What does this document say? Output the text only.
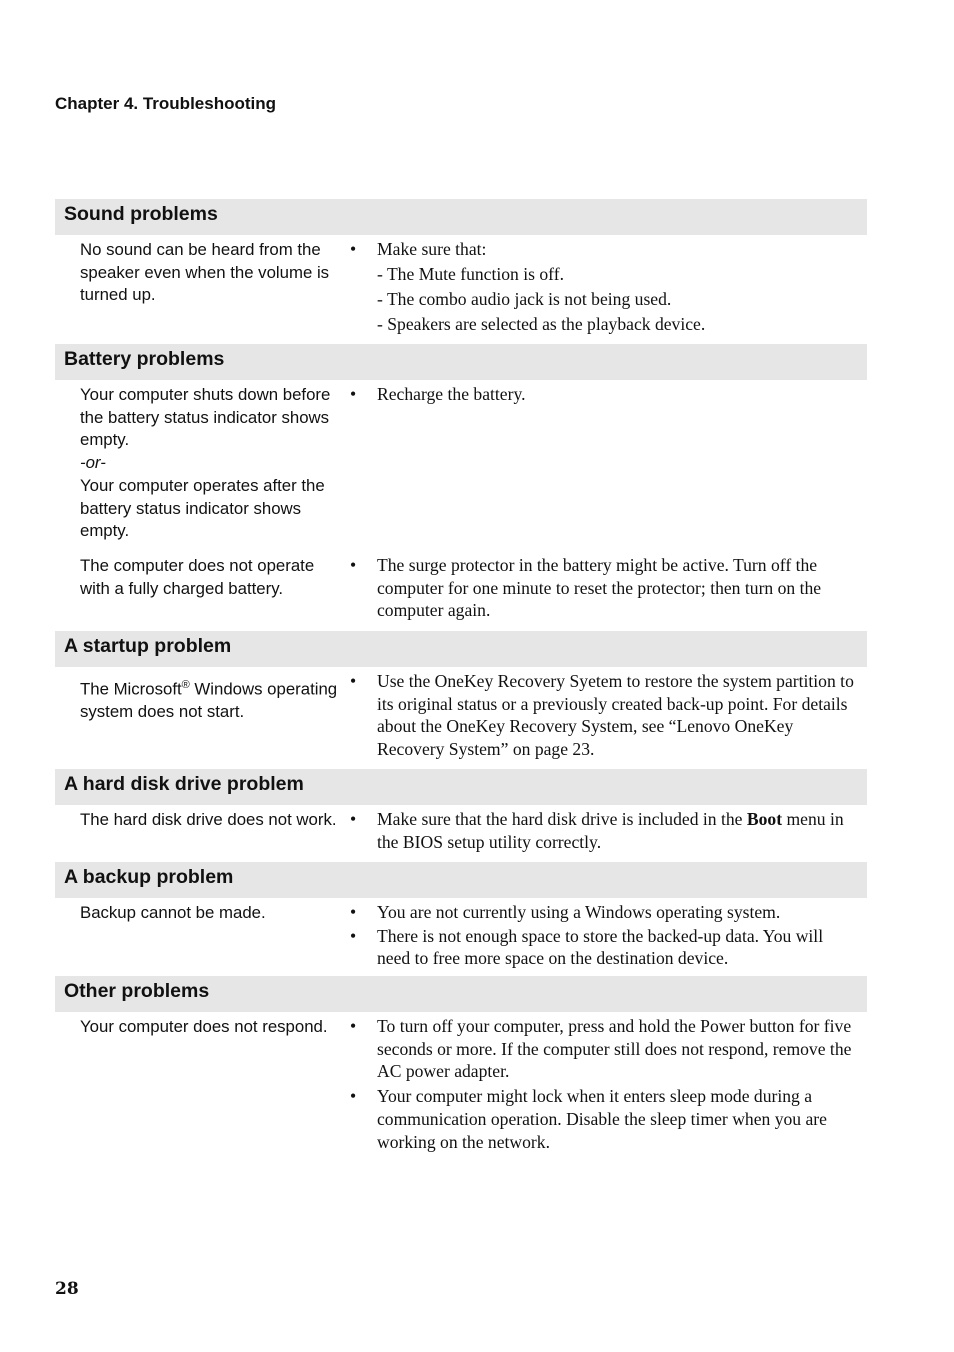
Chapter 4. Troubleshooting
Sound problems
No sound can be heard from the speaker even when the volume is turned up.
• Make sure that:
- The Mute function is off.
- The combo audio jack is not being used.
- Speakers are selected as the playback device.
Battery problems
Your computer shuts down before the battery status indicator shows empty.
-or-
Your computer operates after the battery status indicator shows empty.
• Recharge the battery.
The computer does not operate with a fully charged battery.
• The surge protector in the battery might be active. Turn off the computer for one minute to reset the protector; then turn on the computer again.
A startup problem
The Microsoft® Windows operating system does not start.
• Use the OneKey Recovery Syetem to restore the system partition to its original status or a previously created back-up point. For details about the OneKey Recovery System, see “Lenovo OneKey Recovery System” on page 23.
A hard disk drive problem
The hard disk drive does not work. • Make sure that the hard disk drive is included in the Boot menu in the BIOS setup utility correctly.
A backup problem
Backup cannot be made.	• You are not currently using a Windows operating system.
• There is not enough space to store the backed-up data. You will need to free more space on the destination device.
Other problems
Your computer does not respond.	• To turn off your computer, press and hold the Power button for five seconds or more. If the computer still does not respond, remove the AC power adapter.
• Your computer might lock when it enters sleep mode during a communication operation. Disable the sleep timer when you are working on the network.
28
